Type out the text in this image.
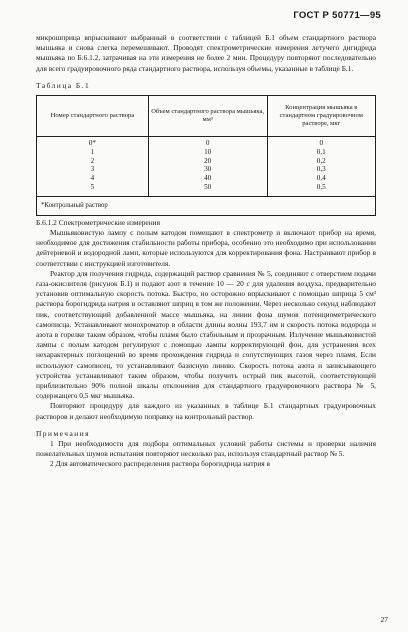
ГОСТ Р 50771—95

микрошприца впрыскивают выбранный в соответствии с таблицей Б.1 объем стандартного раствора мышьяка и снова слегка перемешивают. Проводят спектрометрические измерения летучего дигидрида мышьяка по Б.6.1.2, затрачивая на эти измерения не более 2 мин. Процедуру повторяют последовательно для всего градуировочного ряда стандартного раствора, используя объемы, указанные в таблице Б.1.

Таблица Б.1

Номер стандартного раствора	Объем стандартного раствора мышьяка, мм³	Концентрация мышьяка в стандартном градуировочном растворе, мкг
0*	0	0
1	10	0,1
2	20	0,2
3	30	0,3
4	40	0,4
5	50	0,5
*Контрольный раствор

Б.6.1.2 Спектрометрические измерения

Мышьяковистую лампу с полым катодом помещают в спектрометр и включают прибор на время, необходимое для достижения стабильности работы прибора, особенно это необходимо при использовании дейтериевой и водородной ламп, которые используются для корректирования фона. Настраивают прибор в соответствии с инструкцией изготовителя.

Реактор для получения гидрида, содержащий раствор сравнения № 5, соединяют с отверстием подачи газа-окислителя (рисунок Б.1) и подают азот в течение 10 — 20 с для удаления воздуха, предварительно установив оптимальную скорость потока. Быстро, но осторожно впрыскивают с помощью шприца 5 см³ раствора борогидрида натрия и оставляют шприц в том же положении. Через несколько секунд наблюдают пик, соответствующий добавленной массе мышьяка, на линии фона шумов потенциометрического самописца. Устанавливают монохроматор в области длины волны 193,7 нм и скорость потока водорода и азота в горелке таким образом, чтобы пламя было стабильным и прозрачным. Излучение мышьяковистой лампы с полым катодом регулируют с помощью лампы корректирующей фон, для устранения всех нехарактерных поглощений во время прохождения гидрида и сопутствующих газов через пламя. Если используют самописец, то устанавливают базисную линию. Скорость потока азота и записывающего устройства устанавливают таким образом, чтобы получить острый пик высотой, соответствующей приблизительно 90% полной шкалы отклонения для стандартного градуировочного раствора № 5, содержащего 0,5 мкг мышьяка.

Повторяют процедуру для каждого из указанных в таблице Б.1 стандартных градуировочных растворов и делают необходимую поправку на контрольный раствор.

Примечания

1 При необходимости для подбора оптимальных условий работы системы и проверки наличия пожелательных шумов испытания повторяют несколько раз, используя стандартный раствор № 5.

2 Для автоматического распределения раствора борогидрида натрия в

27
